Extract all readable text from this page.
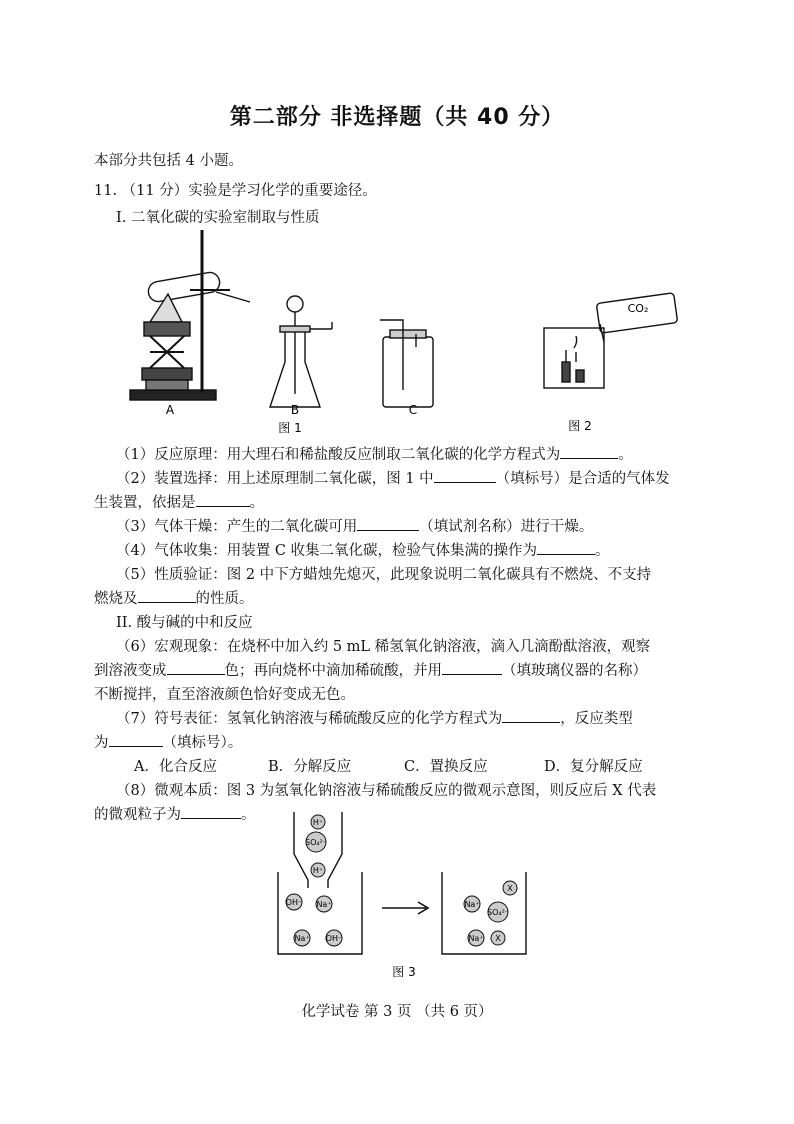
第二部分 非选择题（共 40 分）
本部分共包括 4 小题。
11. （11 分）实验是学习化学的重要途径。
I. 二氧化碳的实验室制取与性质
A	B	C
图 1
CO₂
图 2
（1）反应原理：用大理石和稀盐酸反应制取二氧化碳的化学方程式为	。
（2）装置选择：用上述原理制二氧化碳，图 1 中	（填标号）是合适的气体发
生装置，依据是	。
（3）气体干燥：产生的二氧化碳可用	（填试剂名称）进行干燥。
（4）气体收集：用装置 C 收集二氧化碳，检验气体集满的操作为	。
（5）性质验证：图 2 中下方蜡烛先熄灭，此现象说明二氧化碳具有不燃烧、不支持
燃烧及	的性质。
II. 酸与碱的中和反应
（6）宏观现象：在烧杯中加入约 5 mL 稀氢氧化钠溶液，滴入几滴酚酞溶液，观察
到溶液变成	色；再向烧杯中滴加稀硫酸，并用	（填玻璃仪器的名称）
不断搅拌，直至溶液颜色恰好变成无色。
（7）符号表征：氢氧化钠溶液与稀硫酸反应的化学方程式为	，反应类型
为	（填标号）。
A．化合反应	B．分解反应	C．置换反应	D．复分解反应
（8）微观本质：图 3 为氢氧化钠溶液与稀硫酸反应的微观示意图，则反应后 X 代表
的微观粒子为	。	H⁺
SO₄²⁻
H⁺
OH⁻ Na⁺
Na⁺ OH⁻
X
Na⁺
SO₄²⁻
Na⁺ X
图 3
化学试卷 第 3 页 （共 6 页）
